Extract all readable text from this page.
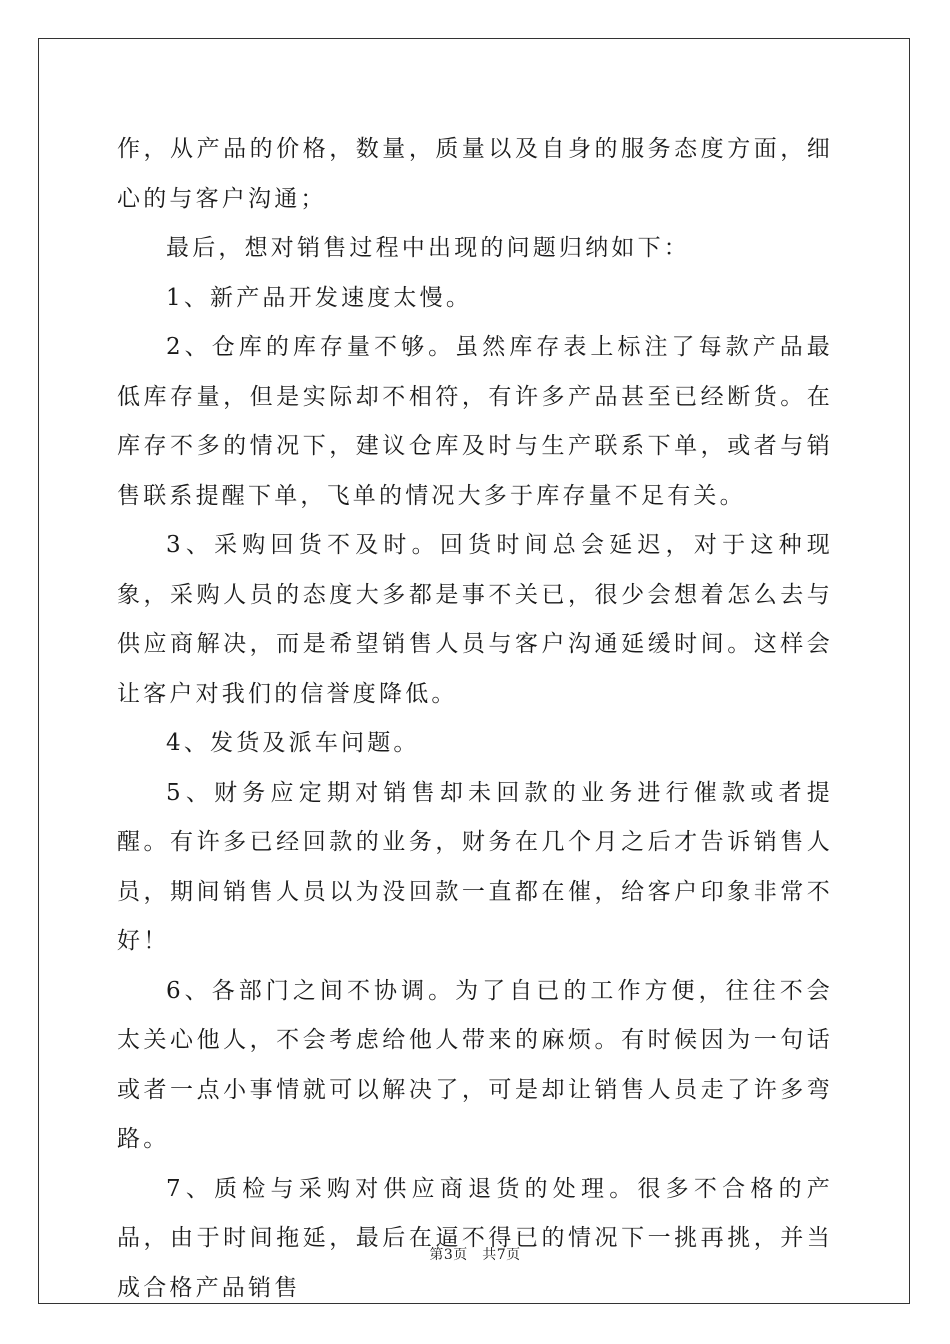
作，从产品的价格，数量，质量以及自身的服务态度方面，细心的与客户沟通；

最后，想对销售过程中出现的问题归纳如下：

1、新产品开发速度太慢。

2、仓库的库存量不够。虽然库存表上标注了每款产品最低库存量，但是实际却不相符，有许多产品甚至已经断货。在库存不多的情况下，建议仓库及时与生产联系下单，或者与销售联系提醒下单，飞单的情况大多于库存量不足有关。

3、采购回货不及时。回货时间总会延迟，对于这种现象，采购人员的态度大多都是事不关已，很少会想着怎么去与供应商解决，而是希望销售人员与客户沟通延缓时间。这样会让客户对我们的信誉度降低。

4、发货及派车问题。

5、财务应定期对销售却未回款的业务进行催款或者提醒。有许多已经回款的业务，财务在几个月之后才告诉销售人员，期间销售人员以为没回款一直都在催，给客户印象非常不好！

6、各部门之间不协调。为了自已的工作方便，往往不会太关心他人，不会考虑给他人带来的麻烦。有时候因为一句话或者一点小事情就可以解决了，可是却让销售人员走了许多弯路。

7、质检与采购对供应商退货的处理。很多不合格的产品，由于时间拖延，最后在逼不得已的情况下一挑再挑，并当成合格产品销售

第3页　共7页
